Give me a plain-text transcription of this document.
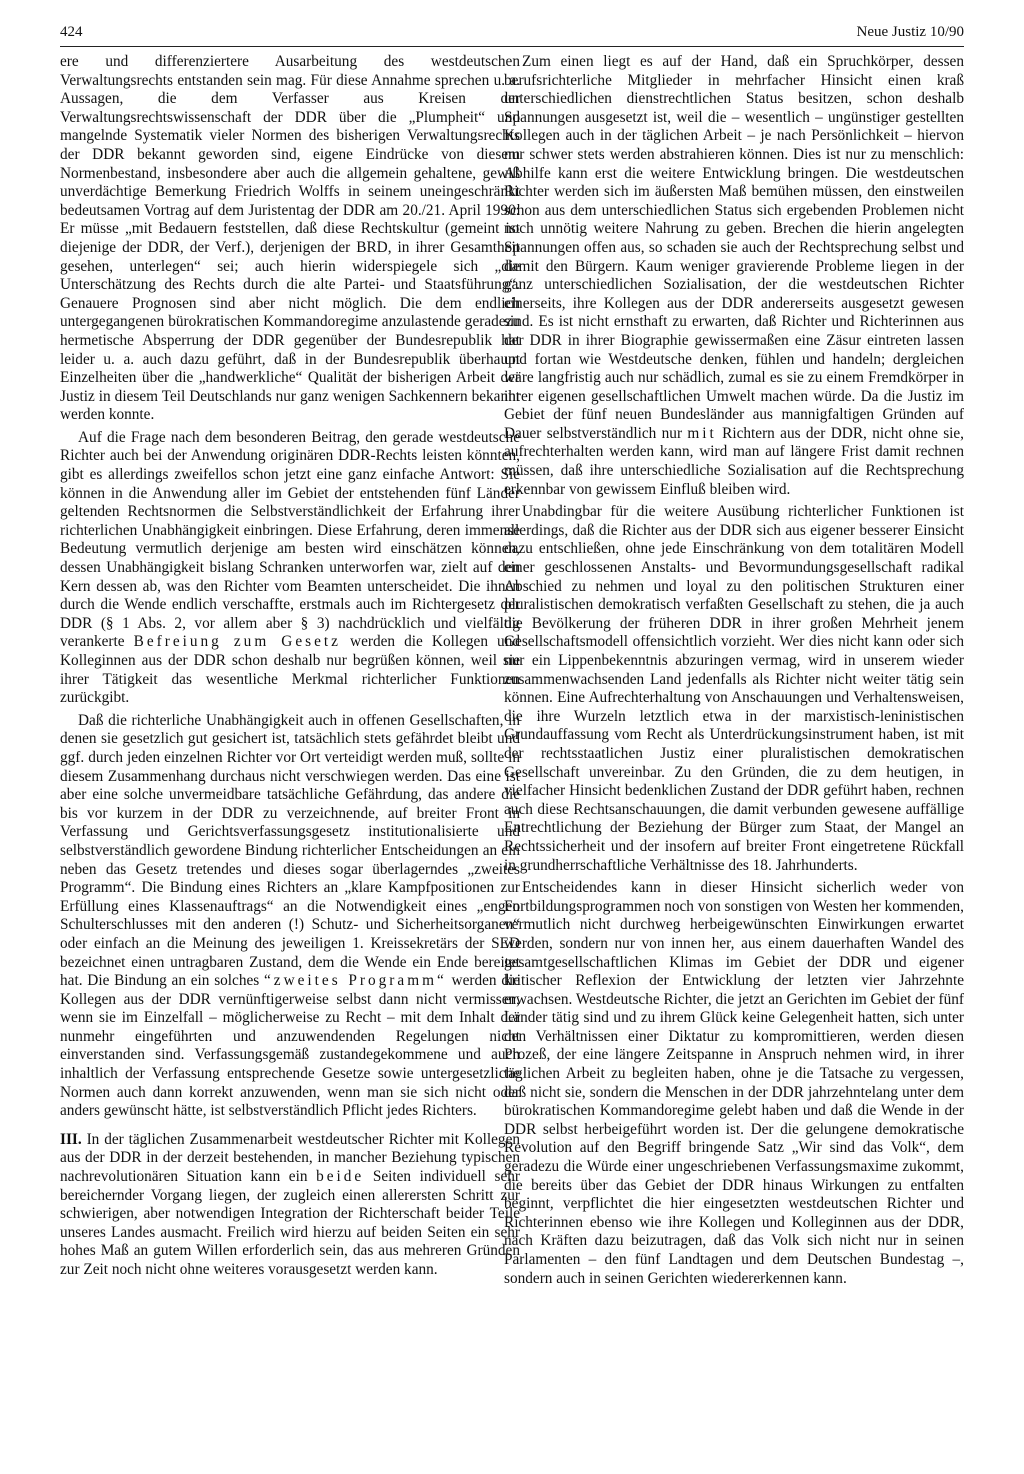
424	Neue Justiz 10/90

ere und differenziertere Ausarbeitung des westdeutschen Verwaltungsrechts entstanden sein mag. Für diese Annahme sprechen u. a. Aussagen, die dem Verfasser aus Kreisen der Verwaltungsrechtswissenschaft der DDR über die „Plumpheit“ und mangelnde Systematik vieler Normen des bisherigen Verwaltungsrechts der DDR bekannt geworden sind, eigene Eindrücke von diesem Normenbestand, insbesondere aber auch die allgemein gehaltene, gewiß unverdächtige Bemerkung Friedrich Wolffs in seinem uneingeschränkt bedeutsamen Vortrag auf dem Juristentag der DDR am 20./21. April 1990: Er müsse „mit Bedauern feststellen, daß diese Rechtskultur (gemeint ist diejenige der DDR, der Verf.), derjenigen der BRD, in ihrer Gesamtheit gesehen, unterlegen“ sei; auch hierin widerspiegele sich „die Unterschätzung des Rechts durch die alte Partei- und Staatsführung“. Genauere Prognosen sind aber nicht möglich. Die dem endlich untergegangenen bürokratischen Kommandoregime anzulastende geradezu hermetische Absperrung der DDR gegenüber der Bundesrepublik hat leider u. a. auch dazu geführt, daß in der Bundesrepublik überhaupt Einzelheiten über die „handwerkliche“ Qualität der bisherigen Arbeit der Justiz in diesem Teil Deutschlands nur ganz wenigen Sachkennern bekannt werden konnte.

Auf die Frage nach dem besonderen Beitrag, den gerade westdeutsche Richter auch bei der Anwendung originären DDR-Rechts leisten könnten, gibt es allerdings zweifellos schon jetzt eine ganz einfache Antwort: Sie können in die Anwendung aller im Gebiet der entstehenden fünf Länder geltenden Rechtsnormen die Selbstverständlichkeit der Erfahrung ihrer richterlichen Unabhängigkeit einbringen. Diese Erfahrung, deren immense Bedeutung vermutlich derjenige am besten wird einschätzen können, dessen Unabhängigkeit bislang Schranken unterworfen war, zielt auf den Kern dessen ab, was den Richter vom Beamten unterscheidet. Die ihnen durch die Wende endlich verschaffte, erstmals auch im Richtergesetz der DDR (§ 1 Abs. 2, vor allem aber § 3) nachdrücklich und vielfältig verankerte Befreiung zum Gesetz werden die Kollegen und Kolleginnen aus der DDR schon deshalb nur begrüßen können, weil sie ihrer Tätigkeit das wesentliche Merkmal richterlicher Funktionen zurückgibt.

Daß die richterliche Unabhängigkeit auch in offenen Gesellschaften, in denen sie gesetzlich gut gesichert ist, tatsächlich stets gefährdet bleibt und ggf. durch jeden einzelnen Richter vor Ort verteidigt werden muß, sollte in diesem Zusammenhang durchaus nicht verschwiegen werden. Das eine ist aber eine solche unvermeidbare tatsächliche Gefährdung, das andere die bis vor kurzem in der DDR zu verzeichnende, auf breiter Front in Verfassung und Gerichtsverfassungsgesetz institutionalisierte und selbstverständlich gewordene Bindung richterlicher Entscheidungen an ein neben das Gesetz tretendes und dieses sogar überlagerndes „zweites Programm“. Die Bindung eines Richters an „klare Kampfpositionen zur Erfüllung eines Klassenauftrags“ an die Notwendigkeit eines „engen Schulterschlusses mit den anderen (!) Schutz- und Sicherheitsorganen“ oder einfach an die Meinung des jeweiligen 1. Kreissekretärs der SED bezeichnet einen untragbaren Zustand, dem die Wende ein Ende bereitet hat. Die Bindung an ein solches “zweites Programm“ werden die Kollegen aus der DDR vernünftigerweise selbst dann nicht vermissen, wenn sie im Einzelfall – möglicherweise zu Recht – mit dem Inhalt der nunmehr eingeführten und anzuwendenden Regelungen nicht einverstanden sind. Verfassungsgemäß zustandegekommene und auch inhaltlich der Verfassung entsprechende Gesetze sowie untergesetzliche Normen auch dann korrekt anzuwenden, wenn man sie sich nicht oder anders gewünscht hätte, ist selbstverständlich Pflicht jedes Richters.

III. In der täglichen Zusammenarbeit westdeutscher Richter mit Kollegen aus der DDR in der derzeit bestehenden, in mancher Beziehung typischen nachrevolutionären Situation kann ein beide Seiten individuell sehr bereichernder Vorgang liegen, der zugleich einen allerersten Schritt zur schwierigen, aber notwendigen Integration der Richterschaft beider Teile unseres Landes ausmacht. Freilich wird hierzu auf beiden Seiten ein sehr hohes Maß an gutem Willen erforderlich sein, das aus mehreren Gründen zur Zeit noch nicht ohne weiteres vorausgesetzt werden kann.

Zum einen liegt es auf der Hand, daß ein Spruchkörper, dessen berufsrichterliche Mitglieder in mehrfacher Hinsicht einen kraß unterschiedlichen dienstrechtlichen Status besitzen, schon deshalb Spannungen ausgesetzt ist, weil die – wesentlich – ungünstiger gestellten Kollegen auch in der täglichen Arbeit – je nach Persönlichkeit – hiervon nur schwer stets werden abstrahieren können. Dies ist nur zu menschlich: Abhilfe kann erst die weitere Entwicklung bringen. Die westdeutschen Richter werden sich im äußersten Maß bemühen müssen, den einstweilen schon aus dem unterschiedlichen Status sich ergebenden Problemen nicht noch unnötig weitere Nahrung zu geben. Brechen die hierin angelegten Spannungen offen aus, so schaden sie auch der Rechtsprechung selbst und damit den Bürgern. Kaum weniger gravierende Probleme liegen in der ganz unterschiedlichen Sozialisation, der die westdeutschen Richter einerseits, ihre Kollegen aus der DDR andererseits ausgesetzt gewesen sind. Es ist nicht ernsthaft zu erwarten, daß Richter und Richterinnen aus der DDR in ihrer Biographie gewissermaßen eine Zäsur eintreten lassen und fortan wie Westdeutsche denken, fühlen und handeln; dergleichen wäre langfristig auch nur schädlich, zumal es sie zu einem Fremdkörper in ihrer eigenen gesellschaftlichen Umwelt machen würde. Da die Justiz im Gebiet der fünf neuen Bundesländer aus mannigfaltigen Gründen auf Dauer selbstverständlich nur mit Richtern aus der DDR, nicht ohne sie, aufrechterhalten werden kann, wird man auf längere Frist damit rechnen müssen, daß ihre unterschiedliche Sozialisation auf die Rechtsprechung erkennbar von gewissem Einfluß bleiben wird.

Unabdingbar für die weitere Ausübung richterlicher Funktionen ist allerdings, daß die Richter aus der DDR sich aus eigener besserer Einsicht dazu entschließen, ohne jede Einschränkung von dem totalitären Modell einer geschlossenen Anstalts- und Bevormundungsgesellschaft radikal Abschied zu nehmen und loyal zu den politischen Strukturen einer pluralistischen demokratisch verfaßten Gesellschaft zu stehen, die ja auch die Bevölkerung der früheren DDR in ihrer großen Mehrheit jenem Gesellschaftsmodell offensichtlich vorzieht. Wer dies nicht kann oder sich nur ein Lippenbekenntnis abzuringen vermag, wird in unserem wieder zusammenwachsenden Land jedenfalls als Richter nicht weiter tätig sein können. Eine Aufrechterhaltung von Anschauungen und Verhaltensweisen, die ihre Wurzeln letztlich etwa in der marxistisch-leninistischen Grundauffassung vom Recht als Unterdrückungsinstrument haben, ist mit der rechtsstaatlichen Justiz einer pluralistischen demokratischen Gesellschaft unvereinbar. Zu den Gründen, die zu dem heutigen, in vielfacher Hinsicht bedenklichen Zustand der DDR geführt haben, rechnen auch diese Rechtsanschauungen, die damit verbunden gewesene auffällige Entrechtlichung der Beziehung der Bürger zum Staat, der Mangel an Rechtssicherheit und der insofern auf breiter Front eingetretene Rückfall in grundherrschaftliche Verhältnisse des 18. Jahrhunderts.

Entscheidendes kann in dieser Hinsicht sicherlich weder von Fortbildungsprogrammen noch von sonstigen von Westen her kommenden, vermutlich nicht durchweg herbeigewünschten Einwirkungen erwartet werden, sondern nur von innen her, aus einem dauerhaften Wandel des gesamtgesellschaftlichen Klimas im Gebiet der DDR und eigener kritischer Reflexion der Entwicklung der letzten vier Jahrzehnte erwachsen. Westdeutsche Richter, die jetzt an Gerichten im Gebiet der fünf Länder tätig sind und zu ihrem Glück keine Gelegenheit hatten, sich unter den Verhältnissen einer Diktatur zu kompromittieren, werden diesen Prozeß, der eine längere Zeitspanne in Anspruch nehmen wird, in ihrer täglichen Arbeit zu begleiten haben, ohne je die Tatsache zu vergessen, daß nicht sie, sondern die Menschen in der DDR jahrzehntelang unter dem bürokratischen Kommandoregime gelebt haben und daß die Wende in der DDR selbst herbeigeführt worden ist. Der die gelungene demokratische Revolution auf den Begriff bringende Satz „Wir sind das Volk“, dem geradezu die Würde einer ungeschriebenen Verfassungsmaxime zukommt, die bereits über das Gebiet der DDR hinaus Wirkungen zu entfalten beginnt, verpflichtet die hier eingesetzten westdeutschen Richter und Richterinnen ebenso wie ihre Kollegen und Kolleginnen aus der DDR, nach Kräften dazu beizutragen, daß das Volk sich nicht nur in seinen Parlamenten – den fünf Landtagen und dem Deutschen Bundestag –, sondern auch in seinen Gerichten wiedererkennen kann.
